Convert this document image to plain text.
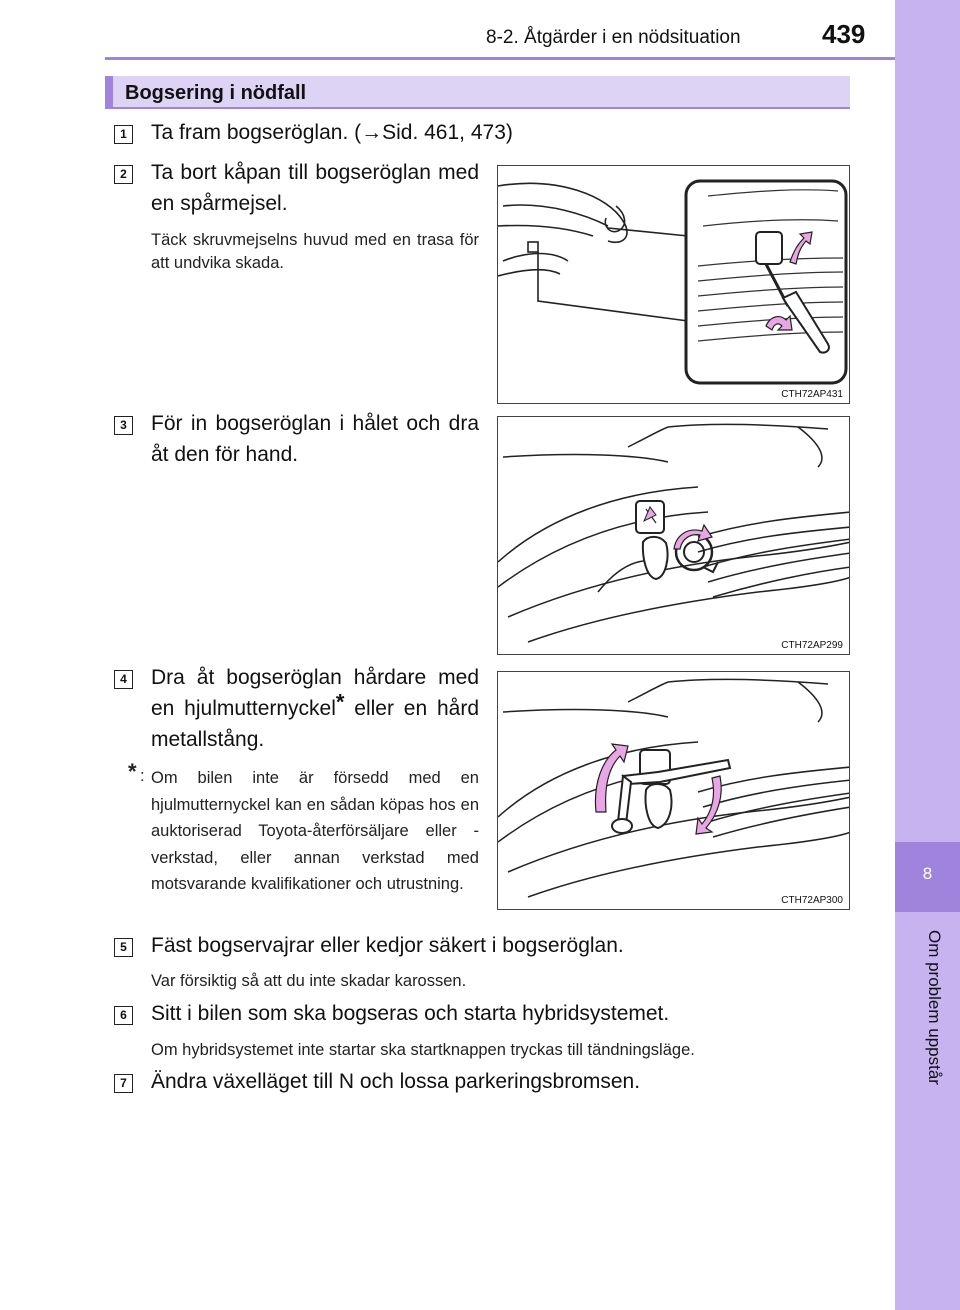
8-2. Åtgärder i en nödsituation	439
8
Om problem uppstår
Bogsering i nödfall
1 Ta fram bogseröglan. (→Sid. 461, 473)
2 Ta bort kåpan till bogseröglan med en spårmejsel.
Täck skruvmejselns huvud med en trasa för att undvika skada.
CTH72AP431
3 För in bogseröglan i hålet och dra åt den för hand.
CTH72AP299
4 Dra åt bogseröglan hårdare med en hjulmutternyckel* eller en hård metallstång.
* : Om bilen inte är försedd med en hjulmutternyckel kan en sådan köpas hos en auktoriserad Toyota-återförsäljare eller -verkstad, eller annan verkstad med motsvarande kvalifikationer och utrustning.
CTH72AP300
5 Fäst bogservajrar eller kedjor säkert i bogseröglan.
Var försiktig så att du inte skadar karossen.
6 Sitt i bilen som ska bogseras och starta hybridsystemet.
Om hybridsystemet inte startar ska startknappen tryckas till tändningsläge.
7 Ändra växelläget till N och lossa parkeringsbromsen.
